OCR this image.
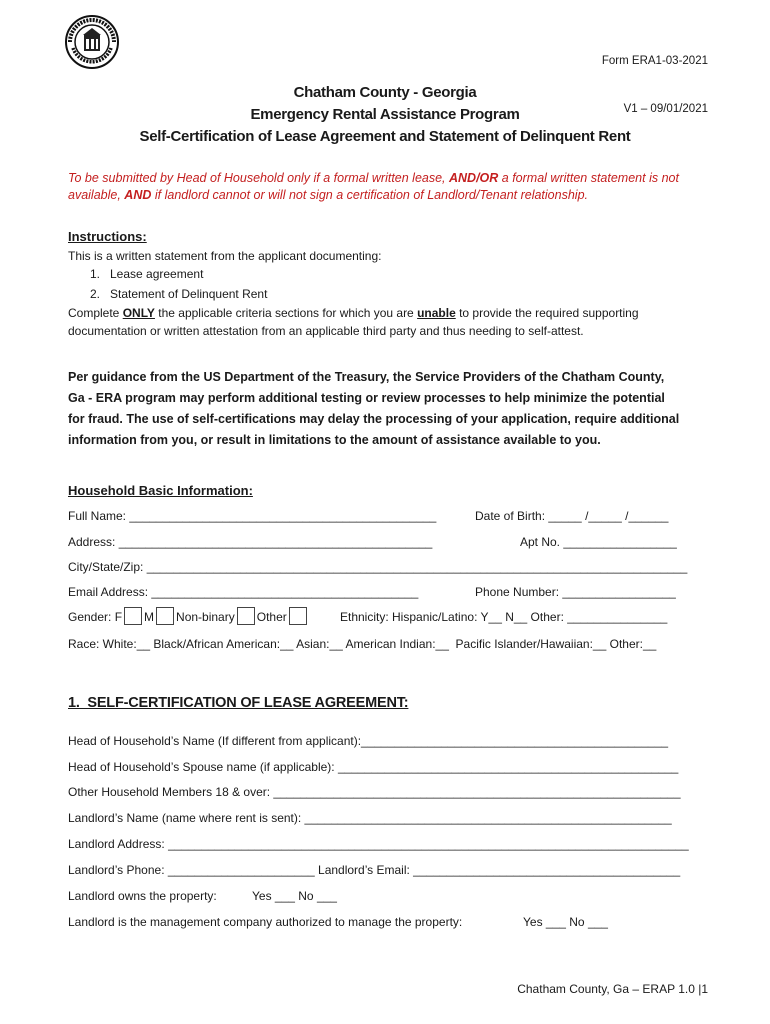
Form ERA1-03-2021

V1 – 09/01/2021

Chatham County - Georgia
Emergency Rental Assistance Program
Self-Certification of Lease Agreement and Statement of Delinquent Rent
To be submitted by Head of Household only if a formal written lease, AND/OR a formal written statement is not
available, AND if landlord cannot or will not sign a certification of Landlord/Tenant relationship.
Instructions:
This is a written statement from the applicant documenting:
1.   Lease agreement
2.   Statement of Delinquent Rent
Complete ONLY the applicable criteria sections for which you are unable to provide the required supporting
documentation or written attestation from an applicable third party and thus needing to self-attest.
Per guidance from the US Department of the Treasury, the Service Providers of the Chatham County,
Ga - ERA program may perform additional testing or review processes to help minimize the potential
for fraud. The use of self-certifications may delay the processing of your application, require additional
information from you, or result in limitations to the amount of assistance available to you.
Household Basic Information:
Full Name: ______________________________________________	Date of Birth: _____ /_____ /______
Address: _______________________________________________	Apt No. _________________
City/State/Zip: _________________________________________________________________________________
Email Address: ________________________________________	Phone Number: _________________
Gender: F M Non-binary Other	Ethnicity: Hispanic/Latino: Y__ N__ Other: _______________
Race: White:__ Black/African American:__ Asian:__ American Indian:__  Pacific Islander/Hawaiian:__ Other:__
1.  SELF-CERTIFICATION OF LEASE AGREEMENT:
Head of Household’s Name (If different from applicant):______________________________________________
Head of Household’s Spouse name (if applicable): ___________________________________________________
Other Household Members 18 & over: _____________________________________________________________
Landlord’s Name (name where rent is sent): _______________________________________________________
Landlord Address: ______________________________________________________________________________
Landlord’s Phone: ______________________ Landlord’s Email: ________________________________________
Landlord owns the property:	Yes ___ No ___
Landlord is the management company authorized to manage the property:	Yes ___ No ___
Chatham County, Ga – ERAP 1.0 |1
